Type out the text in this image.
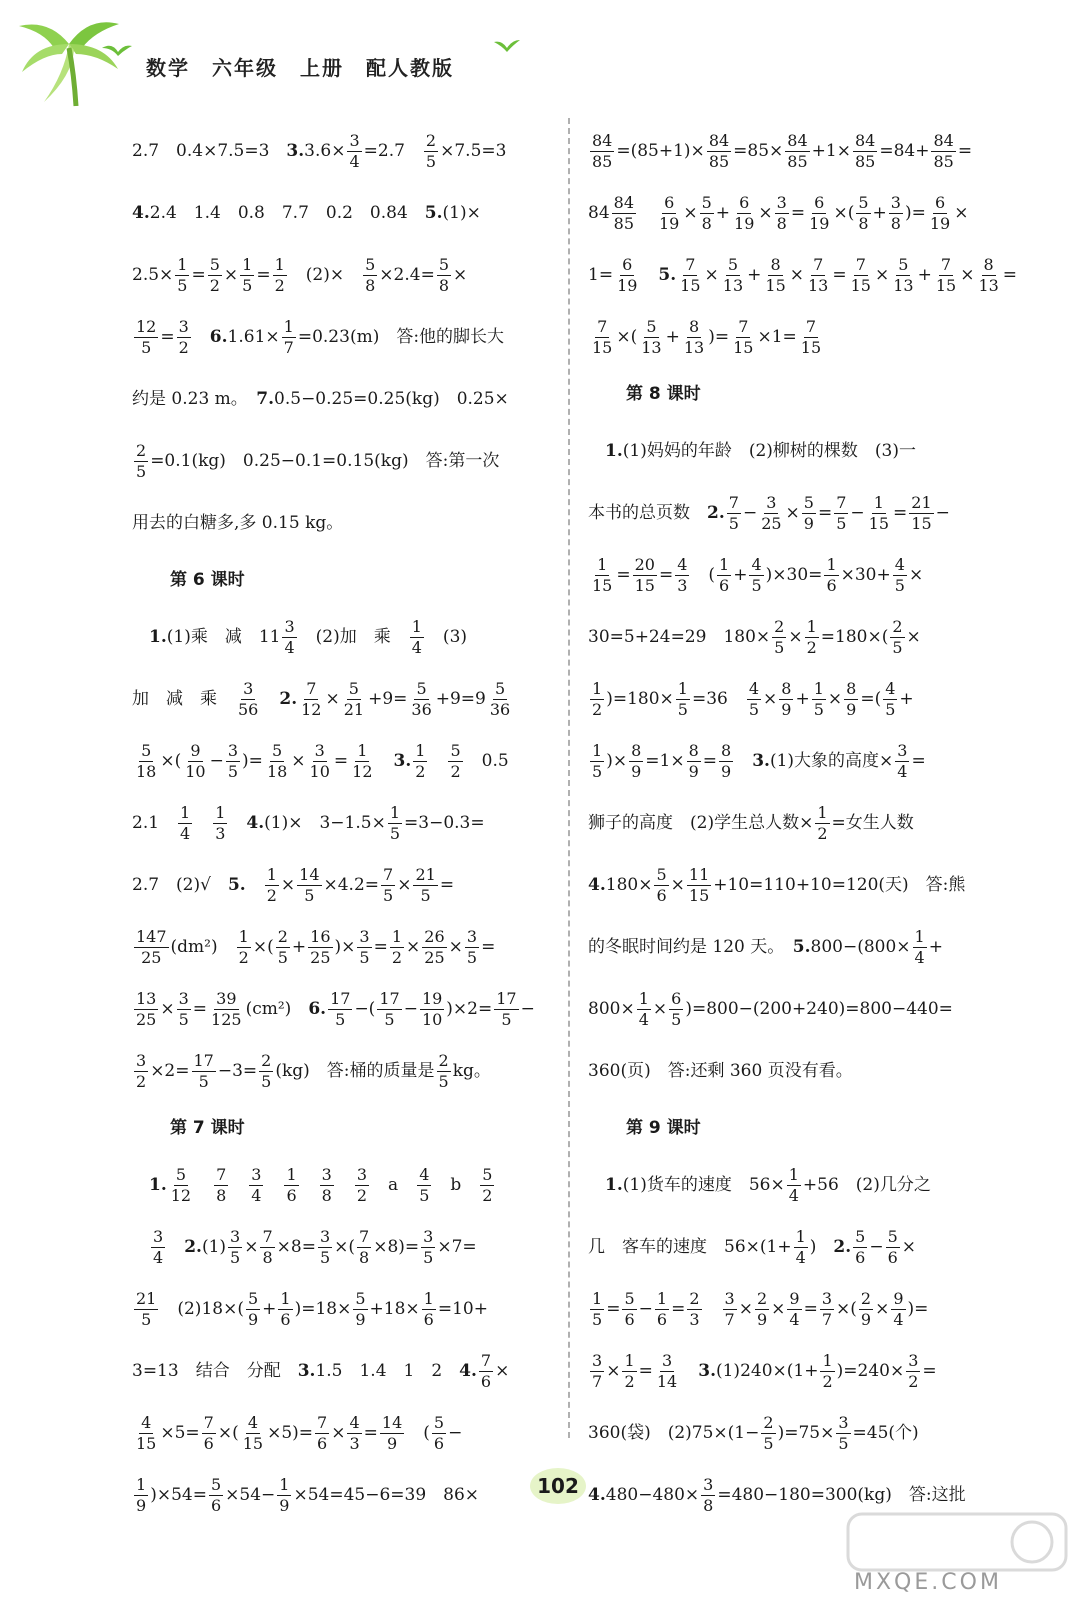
数学　六年级　上册　配人教版
2.7　0.4×7.5=3　 3. $3.6\times \frac{3}{4} =2.7$　 $\frac{2}{5} \times 7.5=3$
4. 2.4　1.4　0.8　7.7　0.2　0.84　 5. (1)×
$2.5\times \frac{1}{5} = \frac{5}{2} \times \frac{1}{5} = \frac{1}{2}$ 　(2)×　 $\frac{5}{8} \times 2.4= \frac{5}{8}$ ×
$\frac{12}{5} = \frac{3}{2}$
　 6. $1.61\times \frac{1}{7} =0.23(m)$　答:他的脚长大
约是 0.23 m。　 7. 0.5−0.25=0.25(kg)　0.25×
$\frac{2}{5} =0.1(kg)$　0.25−0.1=0.15(kg)　答:第一次
用去的白糖多,多 0.15 kg。
第 6 课时
　1. (1)乘　减　$11 \frac{3}{4}$ 　(2)加　乘　 $\frac{1}{4}$ 　(3)
加　减　乘　 $\frac{3}{56}$
　 2. $\frac{7}{12} \times \frac{5}{21} +9= \frac{5}{36} +9=9 \frac{5}{36}$
$\frac{5}{18}$ ×( $\frac{9}{10} - \frac{3}{5}$ )= $\frac{5}{18} \times \frac{3}{10} = \frac{1}{12}$
　 3. $\frac{1}{2}$
　 $\frac{5}{2}$ 　0.5
2.1　 $\frac{1}{4}$
　 $\frac{1}{3}$
　 4. (1)×　$3-1.5\times \frac{1}{5} =3-0.3=$
2.7　(2)√　 5.
　 $\frac{1}{2} \times \frac{14}{5} \times 4.2= \frac{7}{5} \times \frac{21}{5}$ =
$\frac{147}{25} (dm^2)$　 $\frac{1}{2}$ ×( $\frac{2}{5} + \frac{16}{25}$ )× $\frac{3}{5} = \frac{1}{2} \times \frac{26}{25} \times \frac{3}{5}$ =
$\frac{13}{25} \times \frac{3}{5} = \frac{39}{125} (cm^2)$　 6. $\frac{17}{5}$ −( $\frac{17}{5} - \frac{19}{10} )\times 2= \frac{17}{5}$ −
$\frac{3}{2} \times 2= \frac{17}{5} -3= \frac{2}{5} (kg)$　答:桶的质量是 $\frac{2}{5}$ kg。
第 7 课时
　1. $\frac{5}{12}$
　 $\frac{7}{8}$
　 $\frac{3}{4}$
　 $\frac{1}{6}$
　 $\frac{3}{8}$
　 $\frac{3}{2}$ 　a　 $\frac{4}{5}$ 　b　 $\frac{5}{2}$

$\frac{3}{4}$
　 2. $(1) \frac{3}{5} \times \frac{7}{8} \times 8= \frac{3}{5}$ ×( $\frac{7}{8} \times 8)= \frac{3}{5} \times 7=$
$\frac{21}{5}$ 　$(2)18\times( \frac{5}{9} + \frac{1}{6} )=18\times \frac{5}{9} +18\times \frac{1}{6} =10+$
3=13　结合　分配　 3. 1.5　1.4　1　2　 4. $\frac{7}{6}$ ×
$\frac{4}{15} \times 5= \frac{7}{6}$ ×( $\frac{4}{15} \times 5)= \frac{7}{6} \times \frac{4}{3} = \frac{14}{9}$ 　( $\frac{5}{6}$ −
$\frac{1}{9} )\times 54= \frac{5}{6} \times 54- \frac{1}{9} \times 54=45-6=39$　86×
$\frac{84}{85} =(85+1)\times \frac{84}{85} =85\times \frac{84}{85} +1\times \frac{84}{85} =84+ \frac{84}{85}$ =
$84 \frac{84}{85}$
　 $\frac{6}{19} \times \frac{5}{8} + \frac{6}{19} \times \frac{3}{8} = \frac{6}{19}$ ×( $\frac{5}{8} + \frac{3}{8}$ )= $\frac{6}{19}$ ×
$1= \frac{6}{19}$
　 5. $\frac{7}{15} \times \frac{5}{13} + \frac{8}{15} \times \frac{7}{13} = \frac{7}{15} \times \frac{5}{13} + \frac{7}{15} \times \frac{8}{13}$ =
$\frac{7}{15}$ ×( $\frac{5}{13} + \frac{8}{13}$ )= $\frac{7}{15} \times 1= \frac{7}{15}$
第 8 课时
　1. (1)妈妈的年龄　(2)柳树的棵数　(3)一
本书的总页数　 2. $\frac{7}{5} - \frac{3}{25} \times \frac{5}{9} = \frac{7}{5} - \frac{1}{15} = \frac{21}{15}$ −
$\frac{1}{15} = \frac{20}{15} = \frac{4}{3}$ 　( $\frac{1}{6} + \frac{4}{5} )\times 30= \frac{1}{6} \times 30+ \frac{4}{5}$ ×
30=5+24=29　$180\times \frac{2}{5} \times \frac{1}{2} =180\times( \frac{2}{5}$ ×
$\frac{1}{2} )=180\times \frac{1}{5} =36$　 $\frac{4}{5} \times \frac{8}{9} + \frac{1}{5} \times \frac{8}{9}$ =( $\frac{4}{5}$ +
$\frac{1}{5}$ )× $\frac{8}{9} =1\times \frac{8}{9} = \frac{8}{9}$
　 3. (1)大象的高度× $\frac{3}{4}$ =
狮子的高度　(2)学生总人数× $\frac{1}{2}$ =女生人数
4. $180\times \frac{5}{6} \times \frac{11}{15} +10=110+10=120$(天)　答:熊
的冬眠时间约是 120 天。　 5. $800-(800\times \frac{1}{4}$ +
$800\times \frac{1}{4} \times \frac{6}{5} )=800-(200+240)=800-440=$
360(页)　答:还剩 360 页没有看。
第 9 课时
　1. (1)货车的速度　$56\times \frac{1}{4} +56$　(2)几分之
几　客车的速度　$56\times(1+ \frac{1}{4}$ )　 2. $\frac{5}{6} - \frac{5}{6}$ ×
$\frac{1}{5} = \frac{5}{6} - \frac{1}{6} = \frac{2}{3}$
　 $\frac{3}{7} \times \frac{2}{9} \times \frac{9}{4} = \frac{3}{7}$ ×( $\frac{2}{9} \times \frac{9}{4}$ )=
$\frac{3}{7} \times \frac{1}{2} = \frac{3}{14}$
　 3. $(1)240\times(1+ \frac{1}{2} )=240\times \frac{3}{2}$ =
360(袋)　$(2)75\times(1- \frac{2}{5} )=75\times \frac{3}{5} =45$(个)
4. $480-480\times \frac{3}{8} =480-180=300(kg)$　答:这批
102
MXQE.COM
